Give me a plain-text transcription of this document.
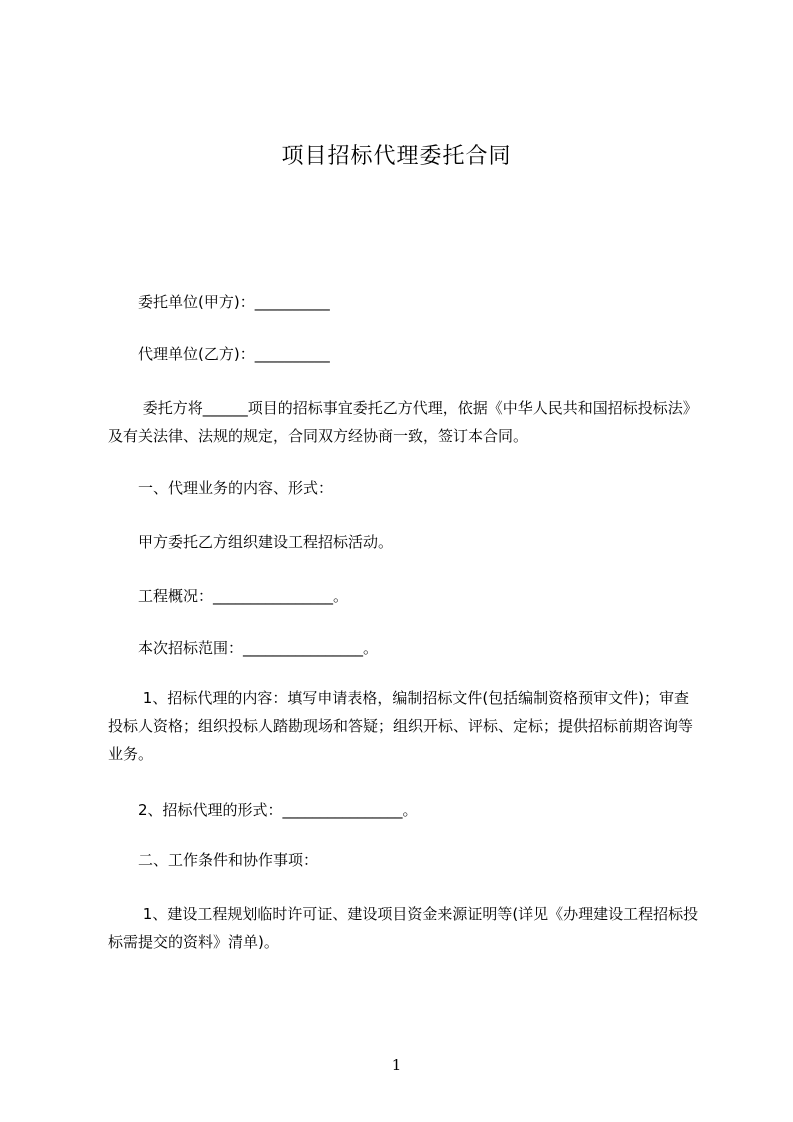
项目招标代理委托合同
委托单位(甲方)：__________
代理单位(乙方)：__________
委托方将______项目的招标事宜委托乙方代理，依据《中华人民共和国招标投标法》及有关法律、法规的规定，合同双方经协商一致，签订本合同。
一、代理业务的内容、形式：
甲方委托乙方组织建设工程招标活动。
工程概况：________________。
本次招标范围：________________。
1、招标代理的内容：填写申请表格，编制招标文件(包括编制资格预审文件)；审查投标人资格；组织投标人踏勘现场和答疑；组织开标、评标、定标；提供招标前期咨询等业务。
2、招标代理的形式：________________。
二、工作条件和协作事项：
1、建设工程规划临时许可证、建设项目资金来源证明等(详见《办理建设工程招标投标需提交的资料》清单)。
1
